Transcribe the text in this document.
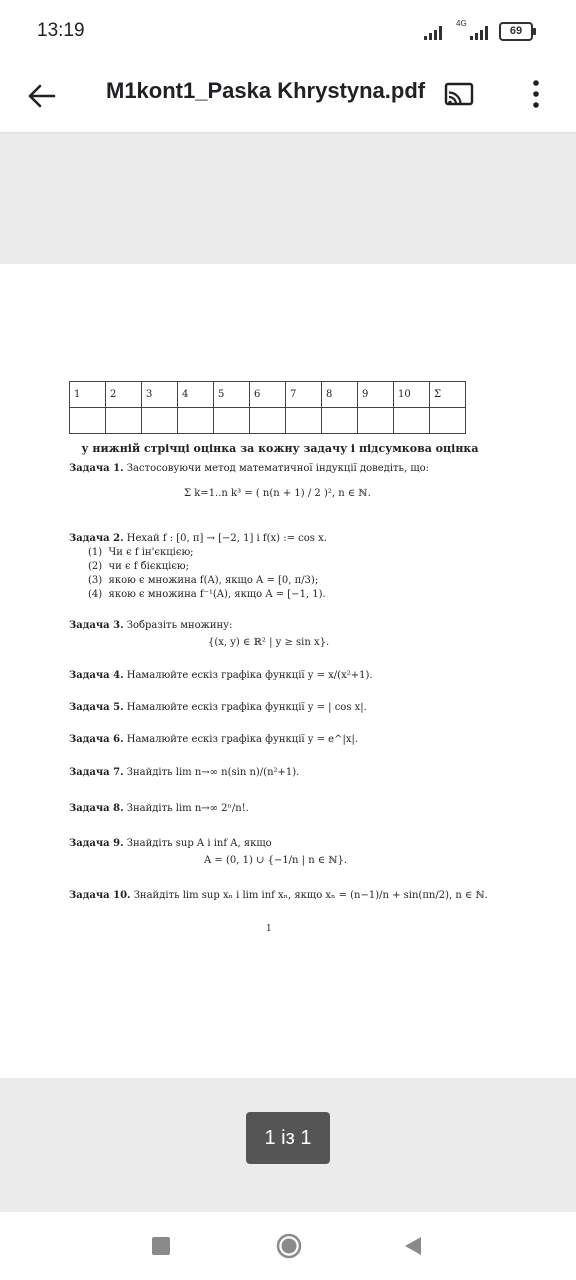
13:19	4G
69
M1kont1_Paska Khrystyna.pdf
1	2	3	4	5	6	7	8	9	10	Σ

у нижній стрічці оцінка за кожну задачу і підсумкова оцінка
Задача 1. Застосовуючи метод математичної індукції доведіть, що:
Σ k=1..n k³ = ( n(n + 1) / 2 )², n ∈ ℕ.
Задача 2. Нехай f : [0, π] → [−2, 1] і f(x) := cos x.
(1)  Чи є f ін'єкцією;
(2)  чи є f бієкцією;
(3)  якою є множина f(A), якщо A = [0, π/3);
(4)  якою є множина f⁻¹(A), якщо A = [−1, 1).
Задача 3. Зобразіть множину:
{(x, y) ∈ ℝ² | y ≥ sin x}.
Задача 4. Намалюйте ескіз графіка функції y = x/(x²+1).
Задача 5. Намалюйте ескіз графіка функції y = | cos x|.
Задача 6. Намалюйте ескіз графіка функції y = e^|x|.
Задача 7. Знайдіть lim n→∞ n(sin n)/(n²+1).
Задача 8. Знайдіть lim n→∞ 2ⁿ/n!.
Задача 9. Знайдіть sup A і inf A, якщо
A = (0, 1) ∪ {−1/n | n ∈ ℕ}.
Задача 10. Знайдіть lim sup xₙ і lim inf xₙ, якщо xₙ = (n−1)/n + sin(πn/2), n ∈ ℕ.
1
1 із 1
